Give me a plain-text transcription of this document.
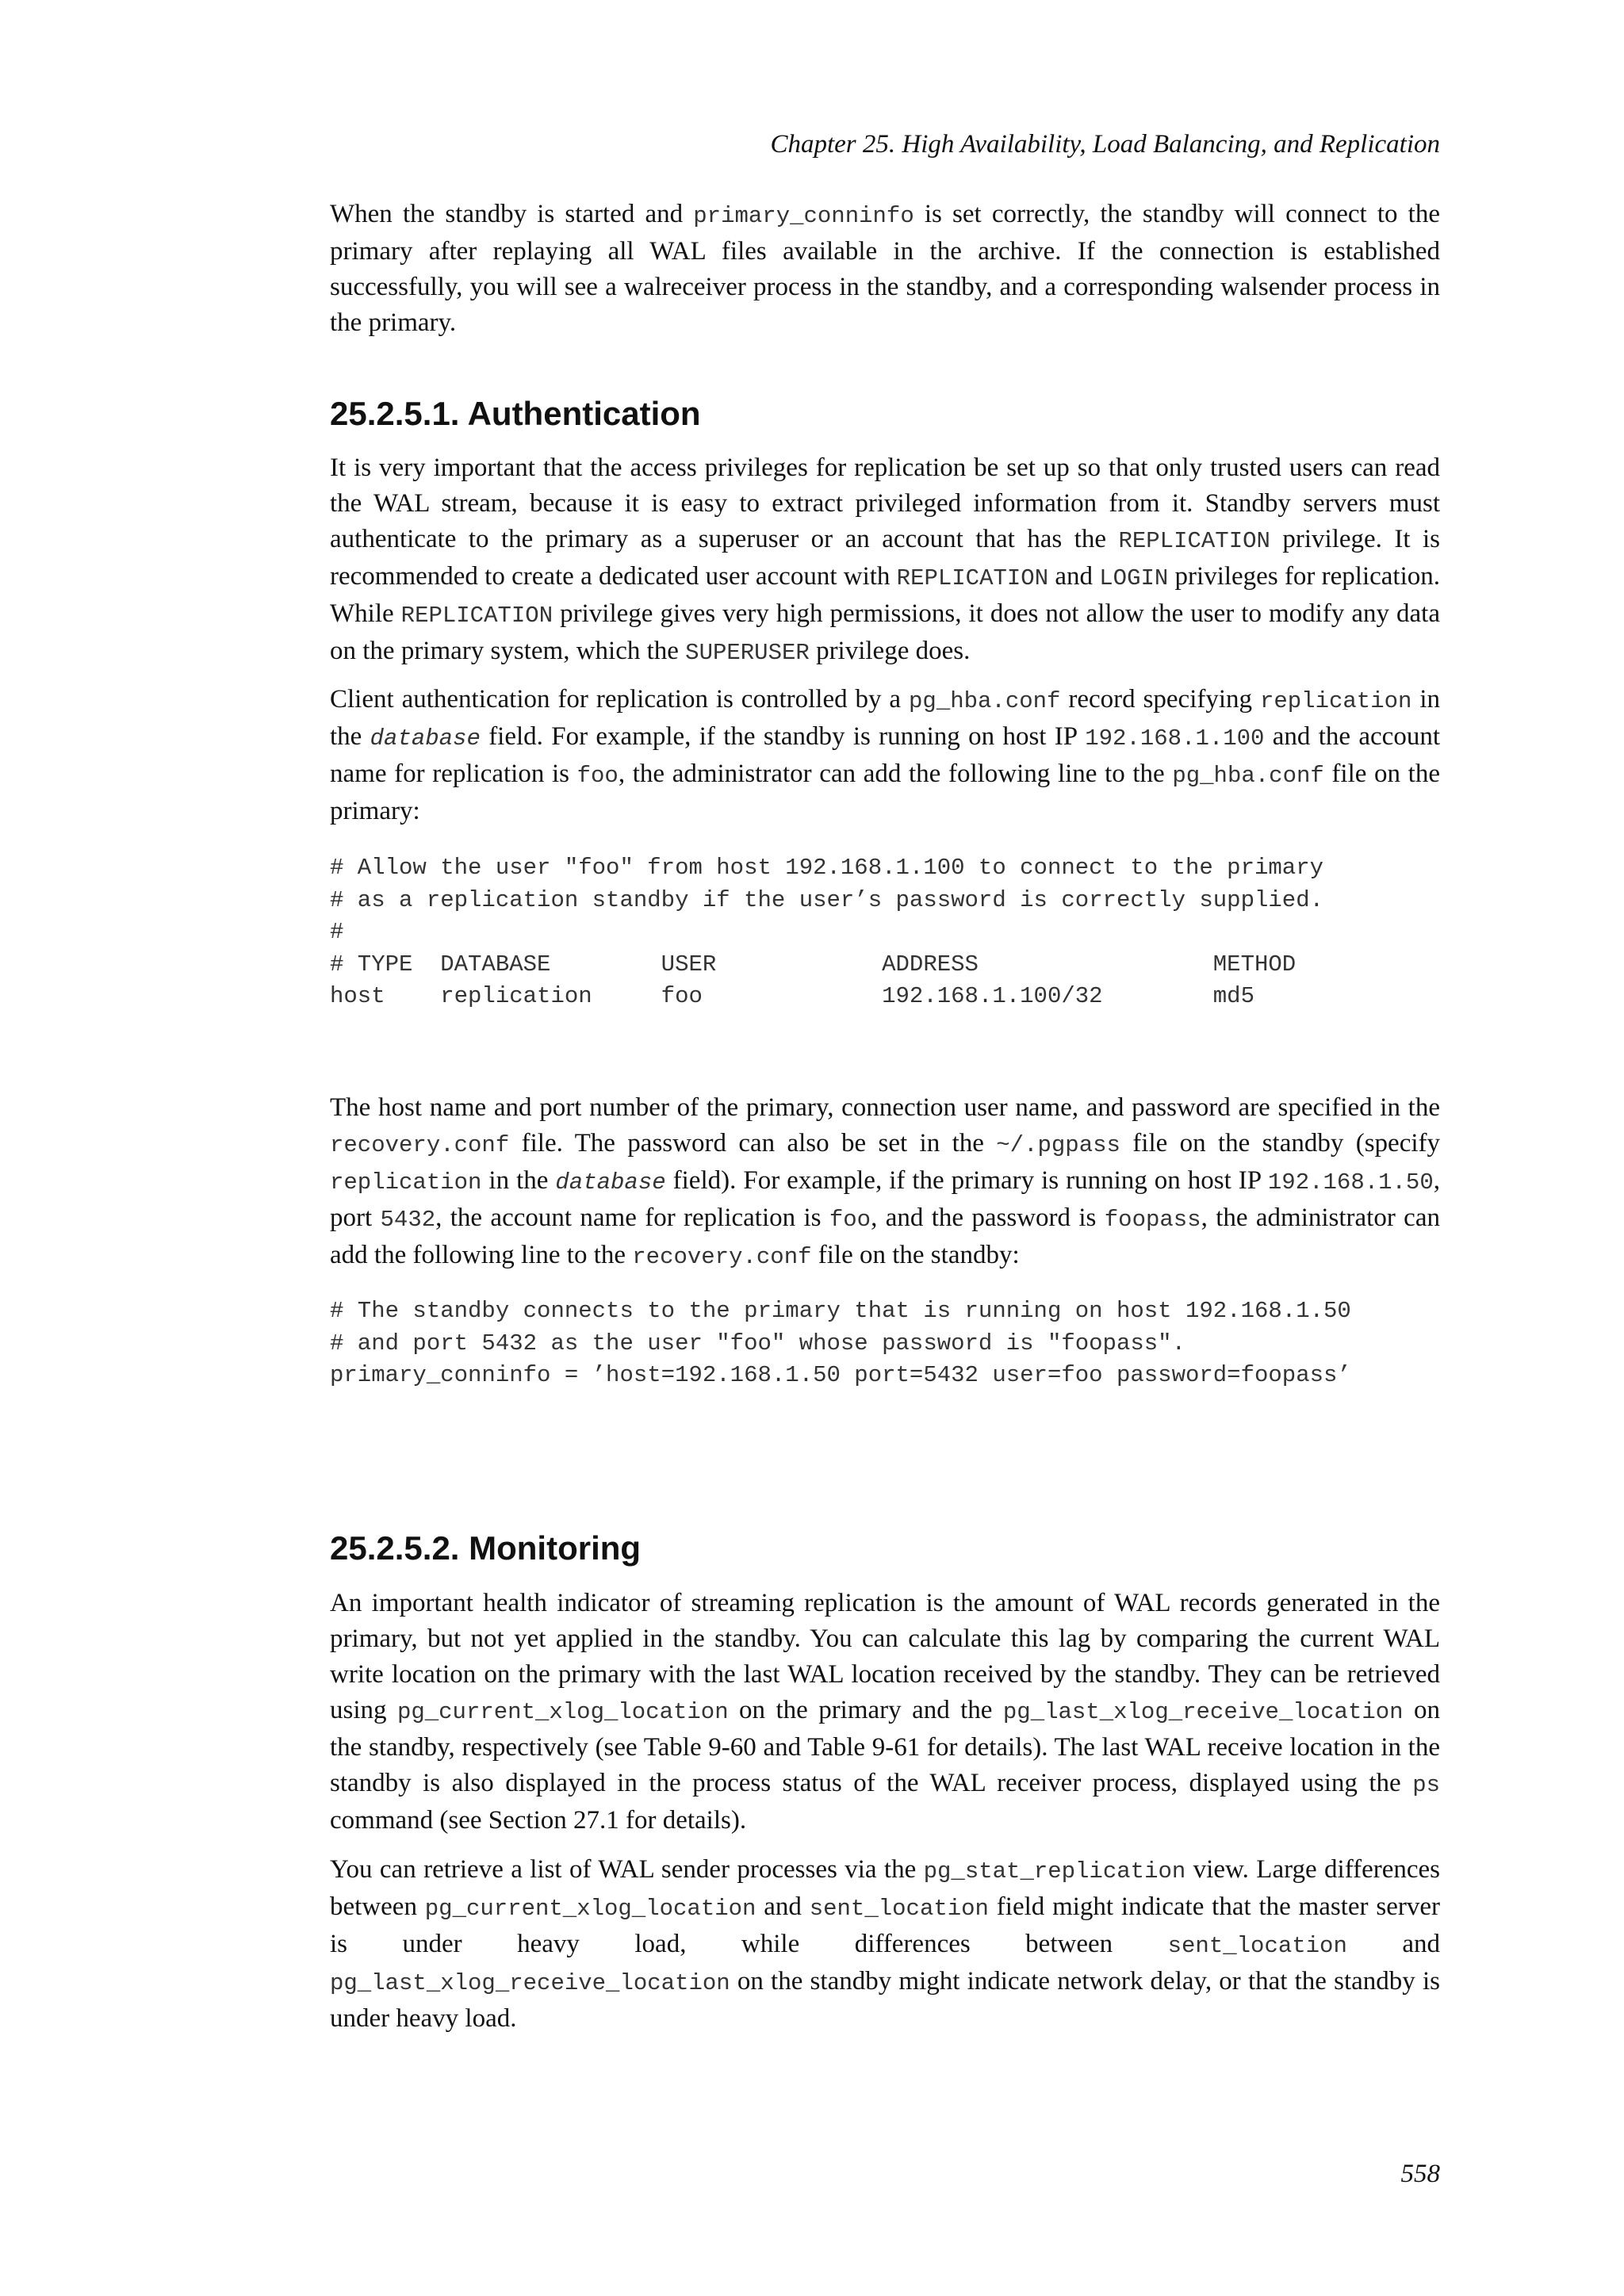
Chapter 25. High Availability, Load Balancing, and Replication

When the standby is started and primary_conninfo is set correctly, the standby will connect to the primary after replaying all WAL files available in the archive. If the connection is established successfully, you will see a walreceiver process in the standby, and a corresponding walsender process in the primary.

25.2.5.1. Authentication

It is very important that the access privileges for replication be set up so that only trusted users can read the WAL stream, because it is easy to extract privileged information from it. Standby servers must authenticate to the primary as a superuser or an account that has the REPLICATION privilege. It is recommended to create a dedicated user account with REPLICATION and LOGIN privileges for replication. While REPLICATION privilege gives very high permissions, it does not allow the user to modify any data on the primary system, which the SUPERUSER privilege does.

Client authentication for replication is controlled by a pg_hba.conf record specifying replication in the database field. For example, if the standby is running on host IP 192.168.1.100 and the account name for replication is foo, the administrator can add the following line to the pg_hba.conf file on the primary:

# Allow the user "foo" from host 192.168.1.100 to connect to the primary
# as a replication standby if the user’s password is correctly supplied.
#
# TYPE  DATABASE        USER            ADDRESS                 METHOD
host    replication     foo             192.168.1.100/32        md5

The host name and port number of the primary, connection user name, and password are specified in the recovery.conf file. The password can also be set in the ~/.pgpass file on the standby (specify replication in the database field). For example, if the primary is running on host IP 192.168.1.50, port 5432, the account name for replication is foo, and the password is foopass, the administrator can add the following line to the recovery.conf file on the standby:

# The standby connects to the primary that is running on host 192.168.1.50
# and port 5432 as the user "foo" whose password is "foopass".
primary_conninfo = ’host=192.168.1.50 port=5432 user=foo password=foopass’
25.2.5.2. Monitoring

An important health indicator of streaming replication is the amount of WAL records generated in the primary, but not yet applied in the standby. You can calculate this lag by comparing the current WAL write location on the primary with the last WAL location received by the standby. They can be retrieved using pg_current_xlog_location on the primary and the pg_last_xlog_receive_location on the standby, respectively (see Table 9-60 and Table 9-61 for details). The last WAL receive location in the standby is also displayed in the process status of the WAL receiver process, displayed using the ps command (see Section 27.1 for details).

You can retrieve a list of WAL sender processes via the pg_stat_replication view. Large differences between pg_current_xlog_location and sent_location field might indicate that the master server is under heavy load, while differences between sent_location and pg_last_xlog_receive_location on the standby might indicate network delay, or that the standby is under heavy load.

558
